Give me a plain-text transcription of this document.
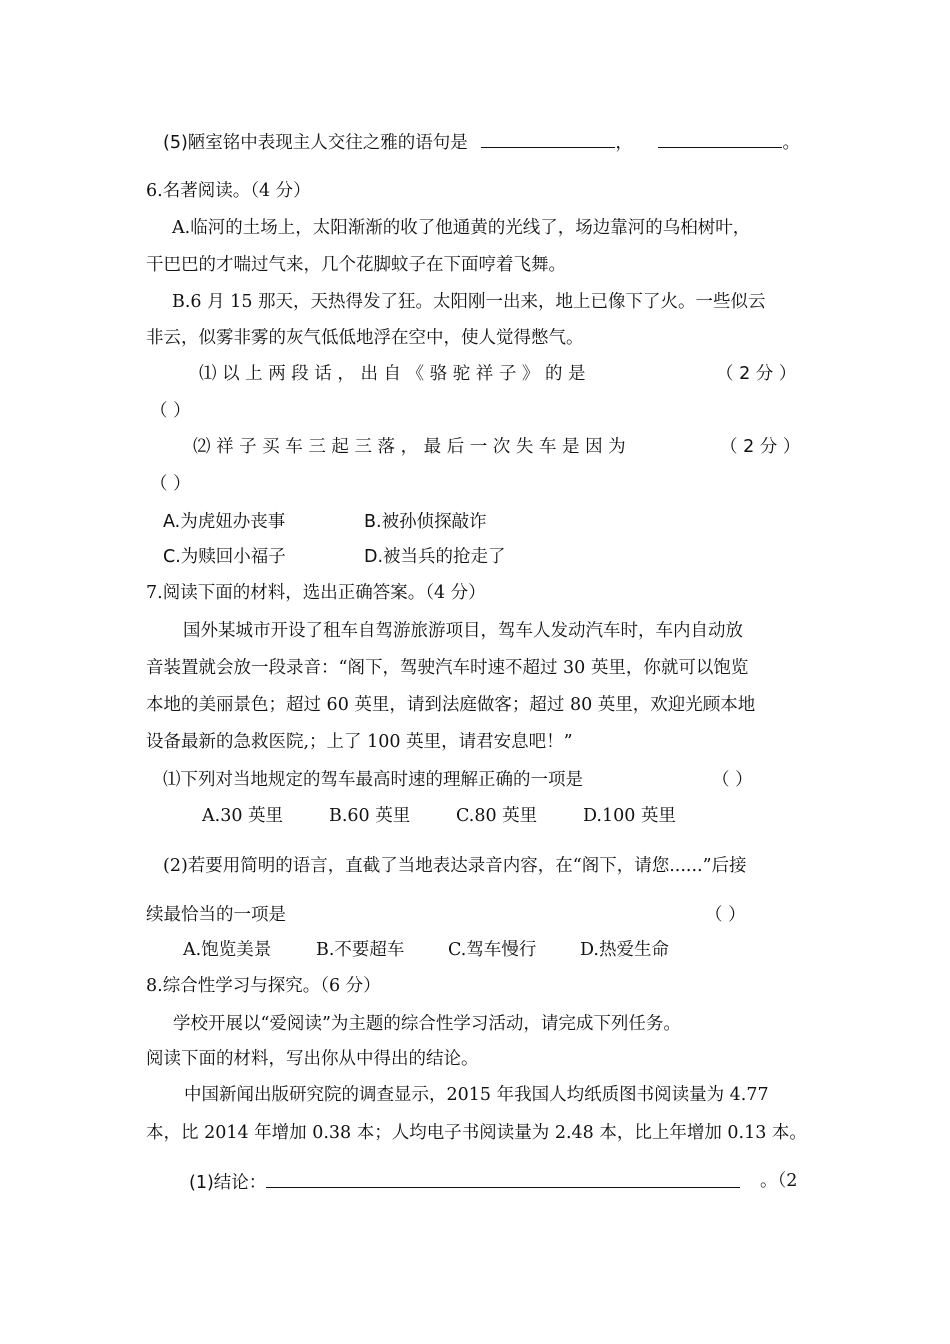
(5)陋室铭中表现主人交往之雅的语句是	，	。
6.名著阅读。（4 分）
A.临河的土场上，太阳渐渐的收了他通黄的光线了，场边靠河的乌桕树叶，
干巴巴的才喘过气来，几个花脚蚊子在下面哼着飞舞。
B.6 月 15 那天，天热得发了狂。太阳刚一出来，地上已像下了火。一些似云
非云，似雾非雾的灰气低低地浮在空中，使人觉得憋气。
⑴ 以 上 两 段 话 ， 出 自 《 骆 驼 祥 子 》 的 是	（ 2 分 ）
（ ）
⑵ 祥 子 买 车 三 起 三 落 ， 最 后 一 次 失 车 是 因 为	（ 2 分 ）
（ ）
A.为虎妞办丧事	B.被孙侦探敲诈
C.为赎回小福子	D.被当兵的抢走了
7.阅读下面的材料，选出正确答案。（4 分）
国外某城市开设了租车自驾游旅游项目，驾车人发动汽车时，车内自动放
音装置就会放一段录音：“阁下，驾驶汽车时速不超过 30 英里，你就可以饱览
本地的美丽景色；超过 60 英里，请到法庭做客；超过 80 英里，欢迎光顾本地
设备最新的急救医院,；上了 100 英里，请君安息吧！”
⑴下列对当地规定的驾车最高时速的理解正确的一项是	（ ）
A.30 英里	B.60 英里	C.80 英里	D.100 英里
(2)若要用简明的语言，直截了当地表达录音内容，在“阁下，请您......”后接
续最恰当的一项是	（ ）
A.饱览美景	B.不要超车 C.驾车慢行 D.热爱生命
8.综合性学习与探究。（6 分）
学校开展以“爱阅读”为主题的综合性学习活动，请完成下列任务。
阅读下面的材料，写出你从中得出的结论。
中国新闻出版研究院的调查显示，2015 年我国人均纸质图书阅读量为 4.77
本，比 2014 年增加 0.38 本；人均电子书阅读量为 2.48 本，比上年增加 0.13 本。
(1)结论：	。（2
